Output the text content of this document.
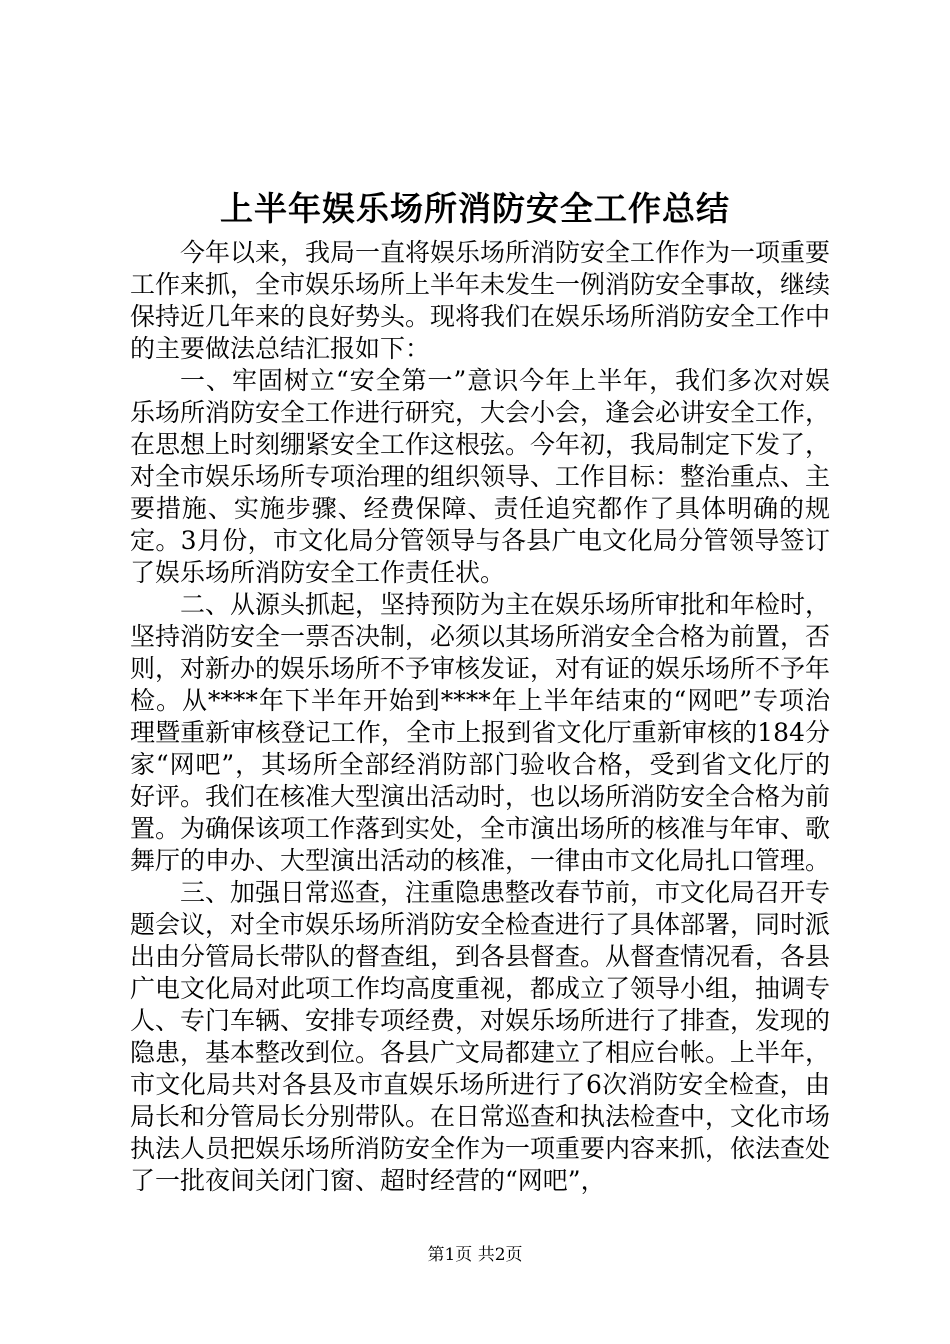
上半年娱乐场所消防安全工作总结

今年以来，我局一直将娱乐场所消防安全工作作为一项重要工作来抓，全市娱乐场所上半年未发生一例消防安全事故，继续保持近几年来的良好势头。现将我们在娱乐场所消防安全工作中的主要做法总结汇报如下：

一、牢固树立“安全第一”意识今年上半年，我们多次对娱乐场所消防安全工作进行研究，大会小会，逢会必讲安全工作，在思想上时刻绷紧安全工作这根弦。今年初，我局制定下发了，对全市娱乐场所专项治理的组织领导、工作目标：整治重点、主要措施、实施步骤、经费保障、责任追究都作了具体明确的规定。3月份，市文化局分管领导与各县广电文化局分管领导签订了娱乐场所消防安全工作责任状。

二、从源头抓起，坚持预防为主在娱乐场所审批和年检时，坚持消防安全一票否决制，必须以其场所消安全合格为前置，否则，对新办的娱乐场所不予审核发证，对有证的娱乐场所不予年检。从****年下半年开始到****年上半年结束的“网吧”专项治理暨重新审核登记工作，全市上报到省文化厅重新审核的184分家“网吧”，其场所全部经消防部门验收合格，受到省文化厅的好评。我们在核准大型演出活动时，也以场所消防安全合格为前置。为确保该项工作落到实处，全市演出场所的核准与年审、歌舞厅的申办、大型演出活动的核准，一律由市文化局扎口管理。

三、加强日常巡查，注重隐患整改春节前，市文化局召开专题会议，对全市娱乐场所消防安全检查进行了具体部署，同时派出由分管局长带队的督查组，到各县督查。从督查情况看，各县广电文化局对此项工作均高度重视，都成立了领导小组，抽调专人、专门车辆、安排专项经费，对娱乐场所进行了排查，发现的隐患，基本整改到位。各县广文局都建立了相应台帐。上半年，市文化局共对各县及市直娱乐场所进行了6次消防安全检查，由局长和分管局长分别带队。在日常巡查和执法检查中，文化市场执法人员把娱乐场所消防安全作为一项重要内容来抓，依法查处了一批夜间关闭门窗、超时经营的“网吧”，

第1页 共2页
